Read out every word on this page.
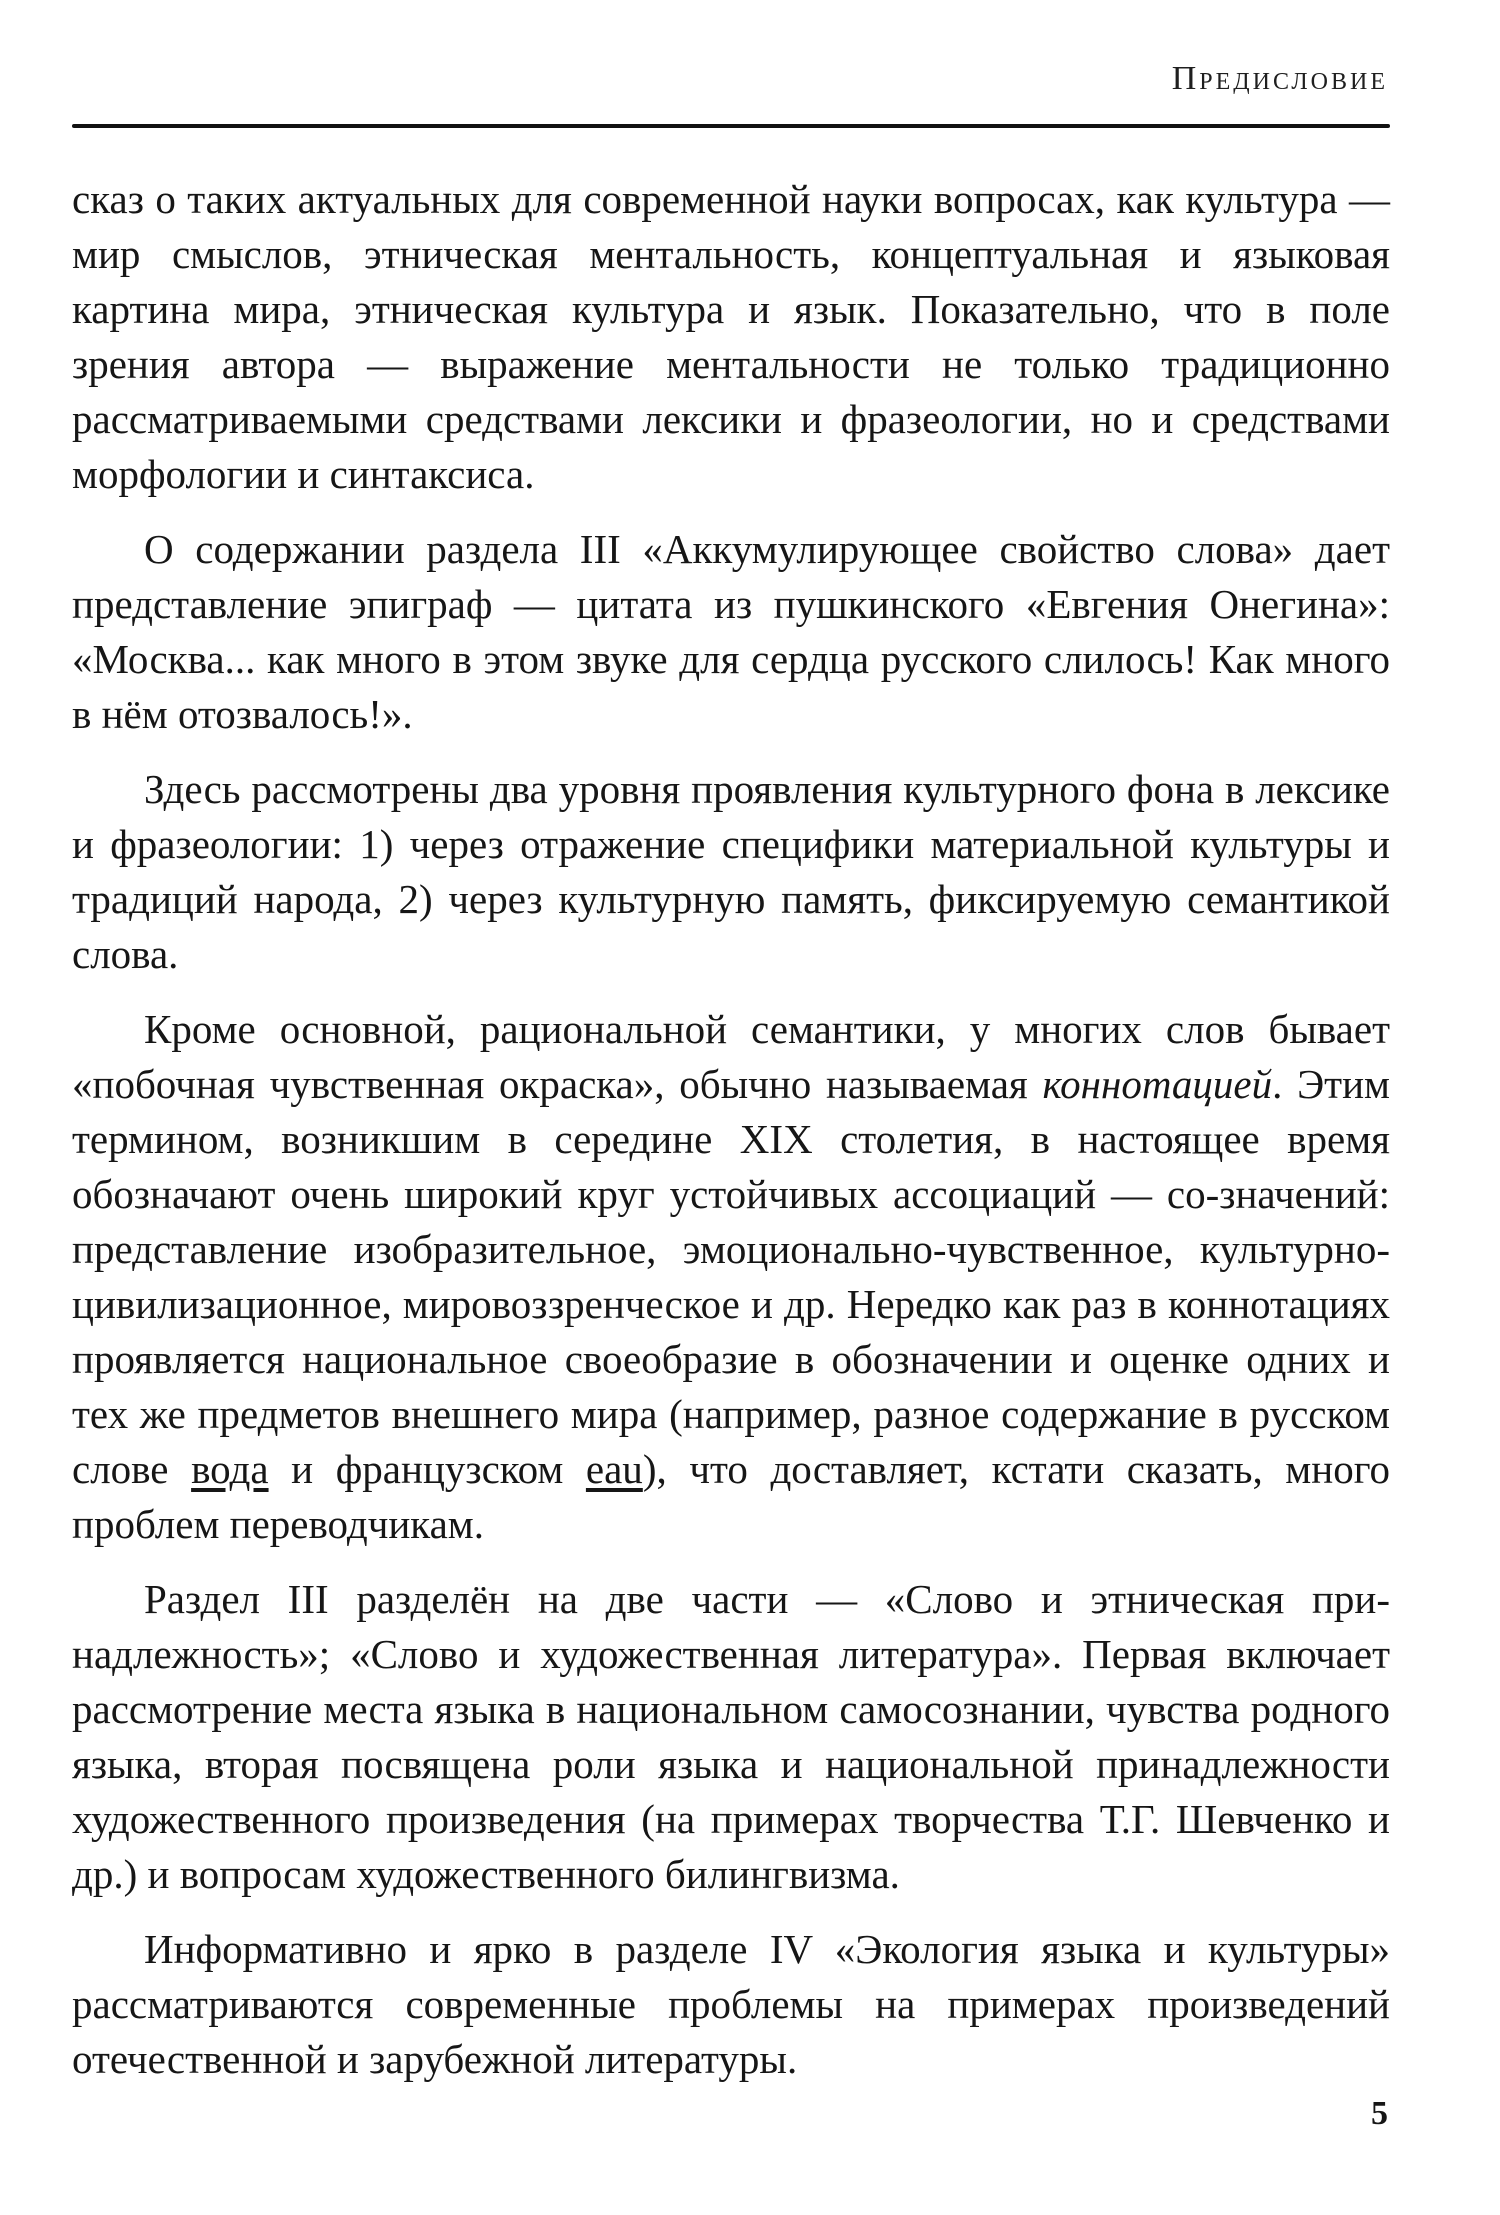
Предисловие

сказ о таких актуальных для современной науки вопросах, как культура — мир смыслов, этническая ментальность, концептуальная и языковая картина мира, этническая культура и язык. Показательно, что в поле зрения автора — выражение ментальности не только традиционно рассматриваемыми средствами лексики и фразеологии, но и средствами морфологии и синтаксиса.

О содержании раздела III «Аккумулирующее свойство слова» дает представление эпиграф — цитата из пушкинского «Евгения Онегина»: «Москва... как много в этом звуке для сердца русского слилось! Как много в нём отозвалось!».

Здесь рассмотрены два уровня проявления культурного фона в лексике и фразеологии: 1) через отражение специфики материальной культуры и традиций народа, 2) через культурную память, фиксируемую семантикой слова.

Кроме основной, рациональной семантики, у многих слов бывает «побочная чувственная окраска», обычно называемая коннотацией. Этим термином, возникшим в середине XIX столетия, в настоящее время обозначают очень широкий круг устойчивых ассоциаций — со-значений: представление изобразительное, эмоционально-чувственное, культурно-цивилизационное, мировоззренческое и др. Нередко как раз в коннотациях проявляется национальное своеобразие в обозначении и оценке одних и тех же предметов внешнего мира (например, разное содержание в русском слове вода и французском eau), что доставляет, кстати сказать, много проблем переводчикам.

Раздел III разделён на две части — «Слово и этническая принадлежность»; «Слово и художественная литература». Первая включает рассмотрение места языка в национальном самосознании, чувства родного языка, вторая посвящена роли языка и национальной принадлежности художественного произведения (на примерах творчества Т.Г. Шевченко и др.) и вопросам художественного билингвизма.

Информативно и ярко в разделе IV «Экология языка и культуры» рассматриваются современные проблемы на примерах произведений отечественной и зарубежной литературы.

5
